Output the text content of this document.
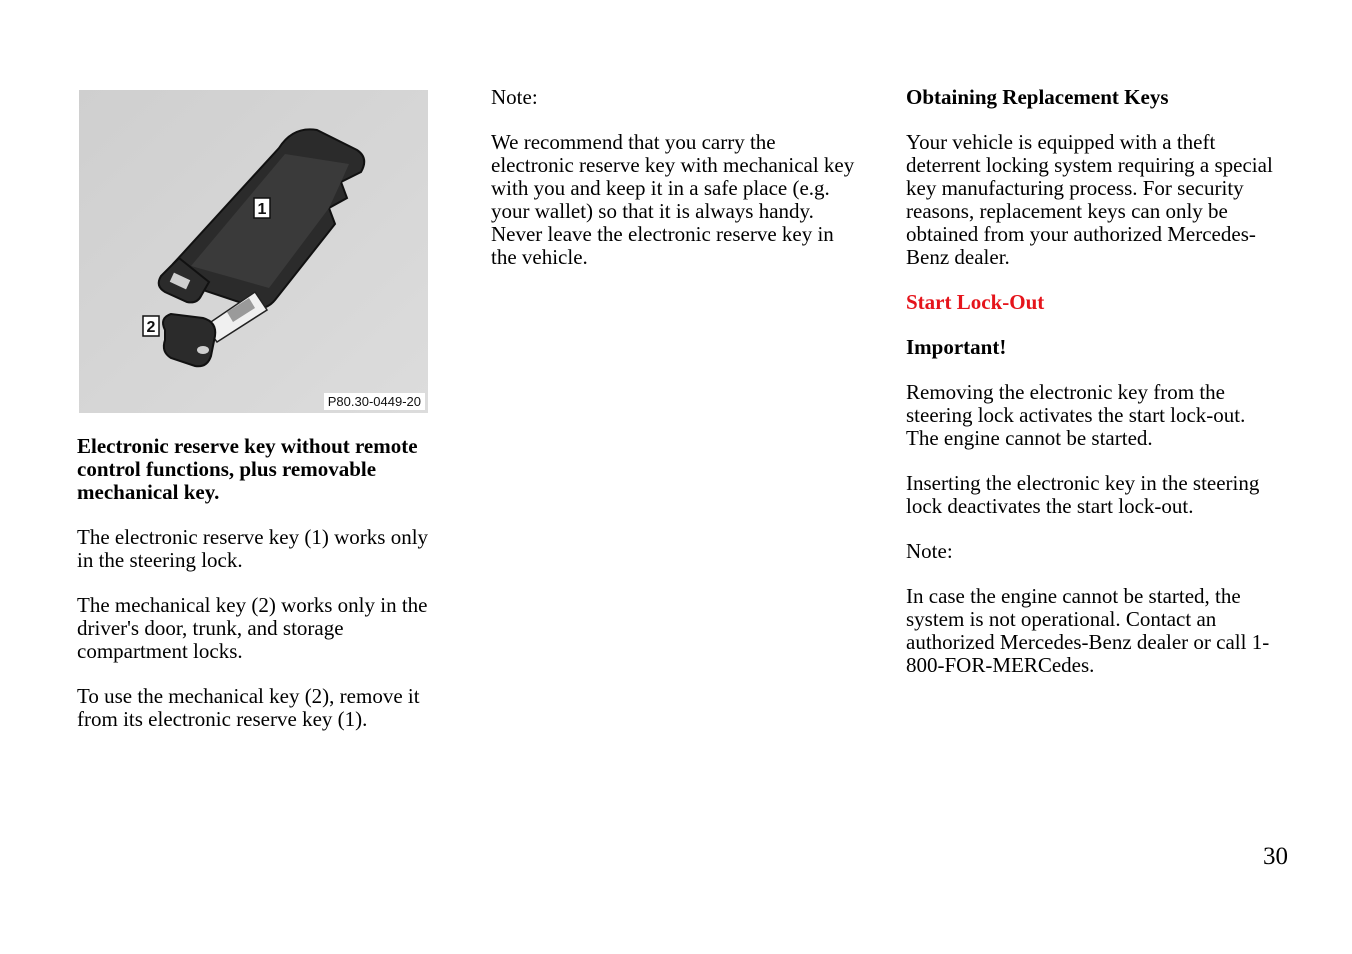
1
2
P80.30-0449-20

Electronic reserve key without remote control functions, plus removable mechanical key.

The electronic reserve key (1) works only in the steering lock.

The mechanical key (2) works only in the driver's door, trunk, and storage compartment locks.

To use the mechanical key (2), remove it from its electronic reserve key (1).

Note:

We recommend that you carry the electronic reserve key with mechanical key with you and keep it in a safe place (e.g. your wallet) so that it is always handy. Never leave the electronic reserve key in the vehicle.

Obtaining Replacement Keys

Your vehicle is equipped with a theft deterrent locking system requiring a special key manufacturing process. For security reasons, replacement keys can only be obtained from your authorized Mercedes-Benz dealer.

Start Lock-Out

Important!

Removing the electronic key from the steering lock activates the start lock-out. The engine cannot be started.

Inserting the electronic key in the steering lock deactivates the start lock-out.

Note:

In case the engine cannot be started, the system is not operational. Contact an authorized Mercedes-Benz dealer or call 1-800-FOR-MERCedes.

30
